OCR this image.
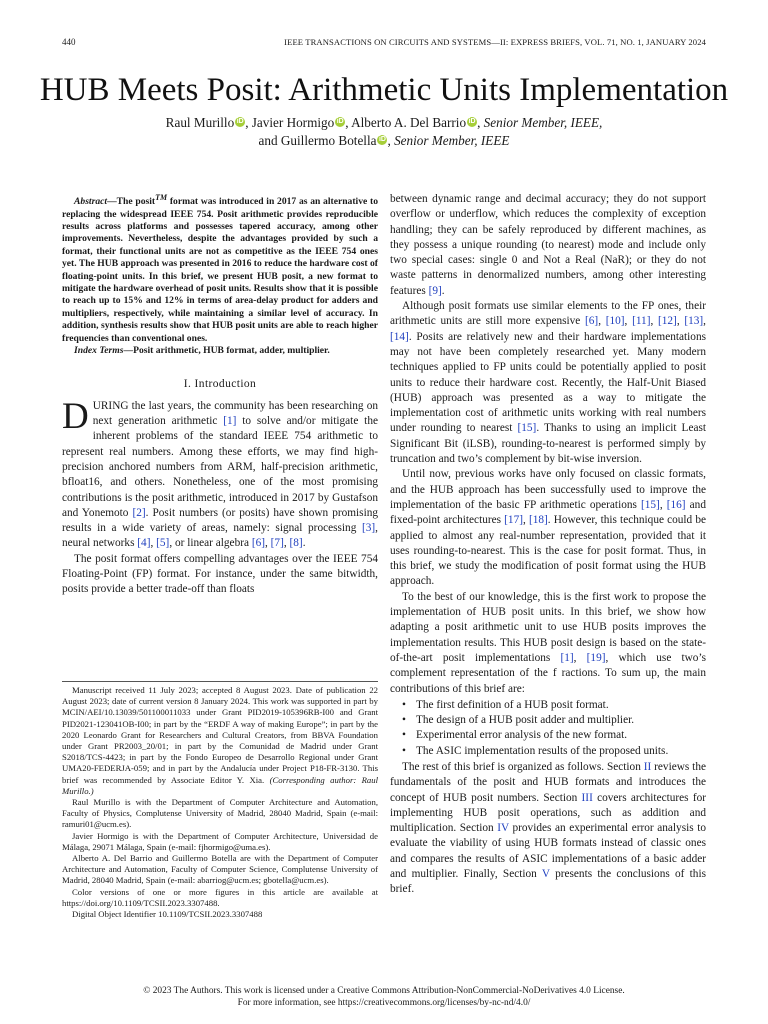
440	IEEE TRANSACTIONS ON CIRCUITS AND SYSTEMS—II: EXPRESS BRIEFS, VOL. 71, NO. 1, JANUARY 2024
HUB Meets Posit: Arithmetic Units Implementation
Raul Murillo iD , Javier Hormigo iD , Alberto A. Del Barrio iD , Senior Member, IEEE,
and Guillermo Botella iD , Senior Member, IEEE

Abstract—The posit™ format was introduced in 2017 as an alternative to replacing the widespread IEEE 754. Posit arithmetic provides reproducible results across platforms and possesses tapered accuracy, among other improvements. Nevertheless, despite the advantages provided by such a format, their functional units are not as competitive as the IEEE 754 ones yet. The HUB approach was presented in 2016 to reduce the hardware cost of floating-point units. In this brief, we present HUB posit, a new format to mitigate the hardware overhead of posit units. Results show that it is possible to reach up to 15% and 12% in terms of area-delay product for adders and multipliers, respectively, while maintaining a similar level of accuracy. In addition, synthesis results show that HUB posit units are able to reach higher frequencies than conventional ones.

Index Terms—Posit arithmetic, HUB format, adder, multiplier.

I. Introduction

DURING the last years, the community has been researching on next generation arithmetic [1] to solve and/or mitigate the inherent problems of the standard IEEE 754 arithmetic to represent real numbers. Among these efforts, we may find high-precision anchored numbers from ARM, half-precision arithmetic, bfloat16, and others. Nonetheless, one of the most promising contributions is the posit arithmetic, introduced in 2017 by Gustafson and Yonemoto [2]. Posit numbers (or posits) have shown promising results in a wide variety of areas, namely: signal processing [3], neural networks [4], [5], or linear algebra [6], [7], [8].

The posit format offers compelling advantages over the IEEE 754 Floating-Point (FP) format. For instance, under the same bitwidth, posits provide a better trade-off than floats

Manuscript received 11 July 2023; accepted 8 August 2023. Date of publication 22 August 2023; date of current version 8 January 2024. This work was supported in part by MCIN/AEI/10.13039/501100011033 under Grant PID2019-105396RB-I00 and Grant PID2021-123041OB-I00; in part by the “ERDF A way of making Europe”; in part by the 2020 Leonardo Grant for Researchers and Cultural Creators, from BBVA Foundation under Grant PR2003_20/01; in part by the Comunidad de Madrid under Grant S2018/TCS-4423; in part by the Fondo Europeo de Desarrollo Regional under Grant UMA20-FEDERJA-059; and in part by the Andalucía under Project P18-FR-3130. This brief was recommended by Associate Editor Y. Xia. (Corresponding author: Raul Murillo.)

Raul Murillo is with the Department of Computer Architecture and Automation, Faculty of Physics, Complutense University of Madrid, 28040 Madrid, Spain (e-mail: ramuri01@ucm.es).

Javier Hormigo is with the Department of Computer Architecture, Universidad de Málaga, 29071 Málaga, Spain (e-mail: fjhormigo@uma.es).

Alberto A. Del Barrio and Guillermo Botella are with the Department of Computer Architecture and Automation, Faculty of Computer Science, Complutense University of Madrid, 28040 Madrid, Spain (e-mail: abarriog@ucm.es; gbotella@ucm.es).

Color versions of one or more figures in this article are available at https://doi.org/10.1109/TCSII.2023.3307488.

Digital Object Identifier 10.1109/TCSII.2023.3307488

between dynamic range and decimal accuracy; they do not support overflow or underflow, which reduces the complexity of exception handling; they can be safely reproduced by different machines, as they possess a unique rounding (to nearest) mode and include only two special cases: single 0 and Not a Real (NaR); or they do not waste patterns in denormalized numbers, among other interesting features [9].

Although posit formats use similar elements to the FP ones, their arithmetic units are still more expensive [6], [10], [11], [12], [13], [14]. Posits are relatively new and their hardware implementations may not have been completely researched yet. Many modern techniques applied to FP units could be potentially applied to posit units to reduce their hardware cost. Recently, the Half-Unit Biased (HUB) approach was presented as a way to mitigate the implementation cost of arithmetic units working with real numbers under rounding to nearest [15]. Thanks to using an implicit Least Significant Bit (iLSB), rounding-to-nearest is performed simply by truncation and two’s complement by bit-wise inversion.

Until now, previous works have only focused on classic formats, and the HUB approach has been successfully used to improve the implementation of the basic FP arithmetic operations [15], [16] and fixed-point architectures [17], [18]. However, this technique could be applied to almost any real-number representation, provided that it uses rounding-to-nearest. This is the case for posit format. Thus, in this brief, we study the modification of posit format using the HUB approach.

To the best of our knowledge, this is the first work to propose the implementation of HUB posit units. In this brief, we show how adapting a posit arithmetic unit to use HUB posits improves the implementation results. This HUB posit design is based on the state-of-the-art posit implementations [1], [19], which use two’s complement representation of the f ractions. To sum up, the main contributions of this brief are:

• The first definition of a HUB posit format.
• The design of a HUB posit adder and multiplier.
• Experimental error analysis of the new format.
• The ASIC implementation results of the proposed units.

The rest of this brief is organized as follows. Section II reviews the fundamentals of the posit and HUB formats and introduces the concept of HUB posit numbers. Section III covers architectures for implementing HUB posit operations, such as addition and multiplication. Section IV provides an experimental error analysis to evaluate the viability of using HUB formats instead of classic ones and compares the results of ASIC implementations of a basic adder and multiplier. Finally, Section V presents the conclusions of this brief.

© 2023 The Authors. This work is licensed under a Creative Commons Attribution-NonCommercial-NoDerivatives 4.0 License.
For more information, see https://creativecommons.org/licenses/by-nc-nd/4.0/
